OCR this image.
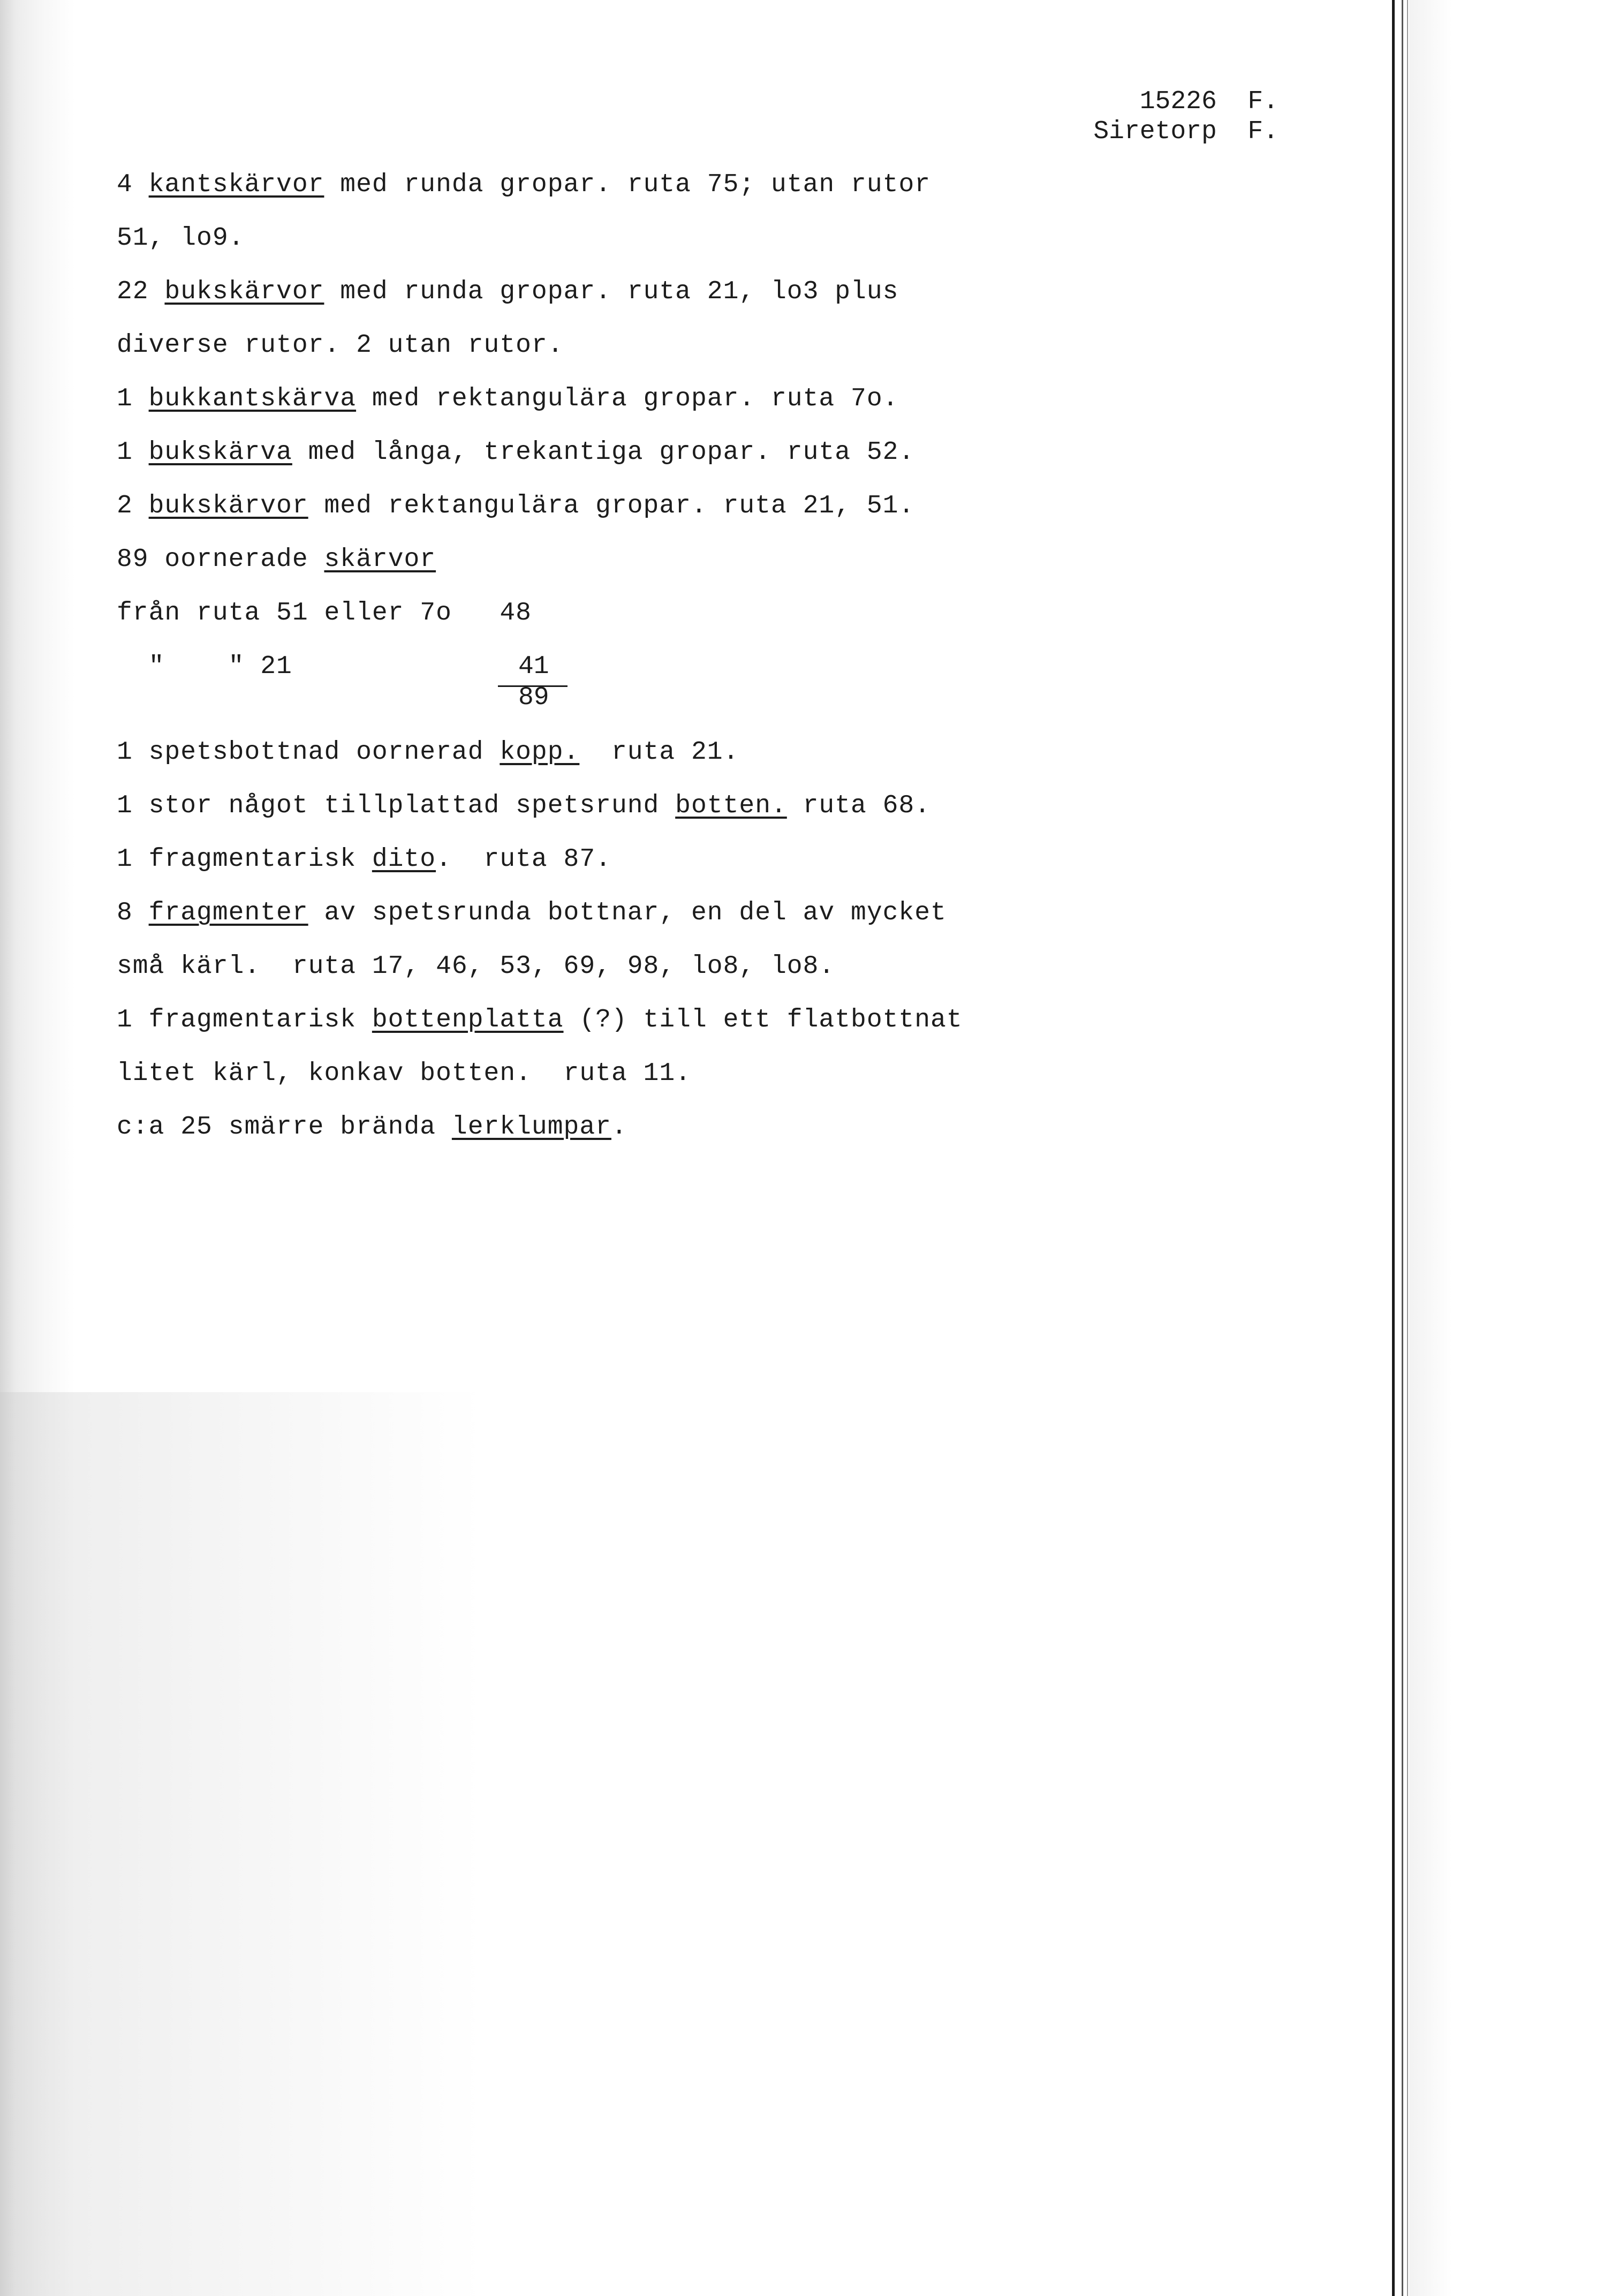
15226  F.
Siretorp  F.
4 kantskärvor med runda gropar. ruta 75; utan rutor
51, lo9.
22 bukskärvor med runda gropar. ruta 21, lo3 plus
diverse rutor. 2 utan rutor.
1 bukkantskärva med rektangulära gropar. ruta 7o.
1 bukskärva med långa, trekantiga gropar. ruta 52.
2 bukskärvor med rektangulära gropar. ruta 21, 51.
89 oornerade skärvor
från ruta 51 eller 7o   48
"    " 21	41
89
1 spetsbottnad oornerad kopp.  ruta 21.
1 stor något tillplattad spetsrund botten. ruta 68.
1 fragmentarisk dito.  ruta 87.
8 fragmenter av spetsrunda bottnar, en del av mycket
små kärl.  ruta 17, 46, 53, 69, 98, lo8, lo8.
1 fragmentarisk bottenplatta (?) till ett flatbottnat
litet kärl, konkav botten.  ruta 11.
c:a 25 smärre brända lerklumpar.
